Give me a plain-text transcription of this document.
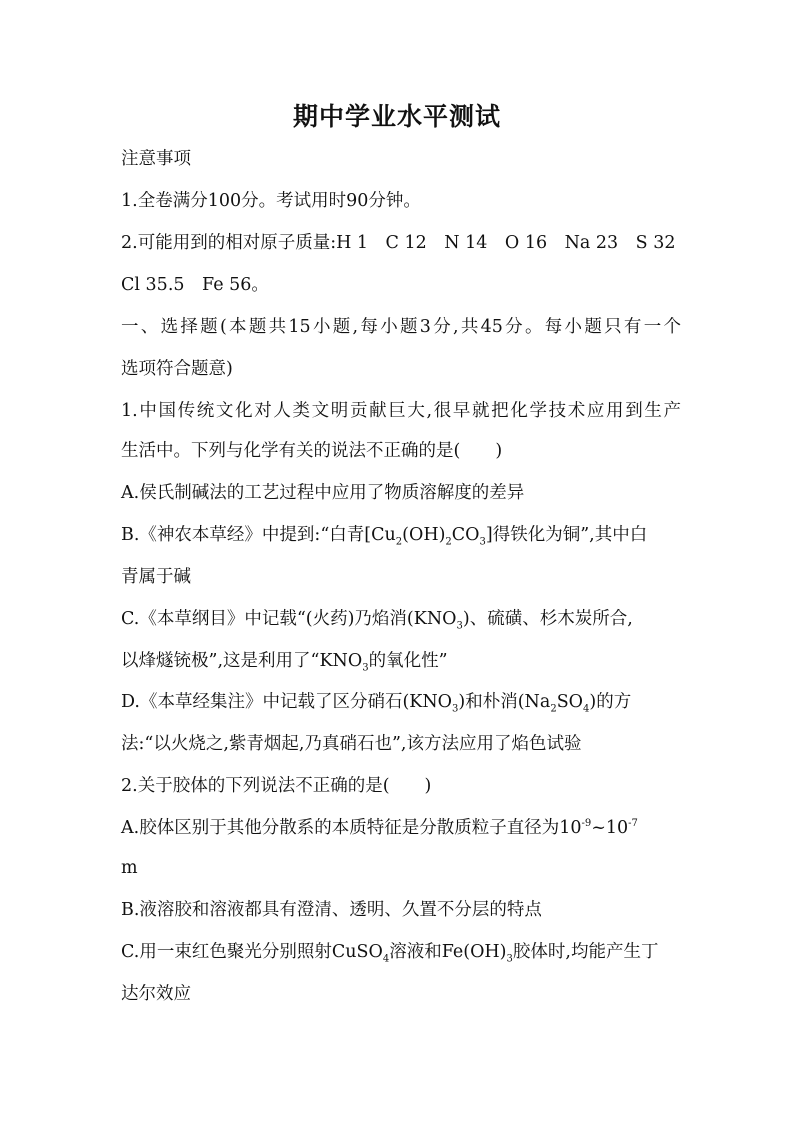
期中学业水平测试
注意事项
1.全卷满分100分。考试用时90分钟。
2.可能用到的相对原子质量:H 1　C 12　N 14　O 16　Na 23　S 32
Cl 35.5　Fe 56。
一、选择题(本题共15小题,每小题3分,共45分。每小题只有一个
选项符合题意)
1.中国传统文化对人类文明贡献巨大,很早就把化学技术应用到生产
生活中。下列与化学有关的说法不正确的是(　　)
A.侯氏制碱法的工艺过程中应用了物质溶解度的差异
B.《神农本草经》中提到:“白青$[Cu_2(OH)_2CO_3]$得铁化为铜”,其中白
青属于碱
C.《本草纲目》中记载“(火药)乃焰消$(KNO_3)$、硫磺、杉木炭所合,
以烽燧铳极”,这是利用了“$KNO_3$的氧化性”
D.《本草经集注》中记载了区分硝石$(KNO_3)$和朴消$(Na_2SO_4)$的方
法:“以火烧之,紫青烟起,乃真硝石也”,该方法应用了焰色试验
2.关于胶体的下列说法不正确的是(　　)
A.胶体区别于其他分散系的本质特征是分散质粒子直径为$10^{-9}\sim 10^{-7}$
m
B.液溶胶和溶液都具有澄清、透明、久置不分层的特点
C.用一束红色聚光分别照射CuSO$_4$溶液和$Fe(OH)_3$胶体时,均能产生丁
达尔效应
